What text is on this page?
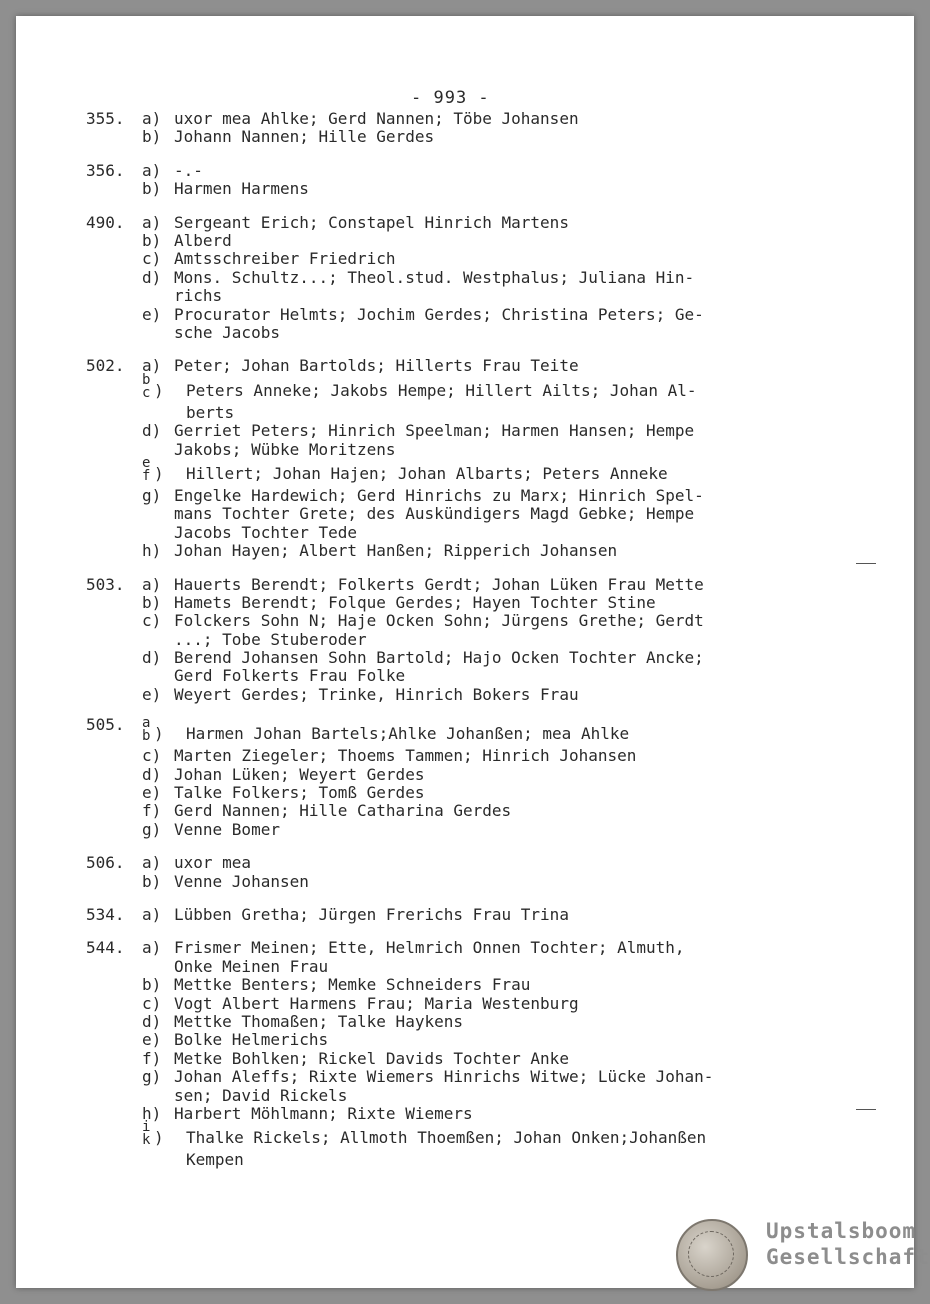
- 993 -
355. a) uxor mea Ahlke; Gerd Nannen; Töbe Johansen
b) Johann Nannen; Hille Gerdes
356. a) -.-
b) Harmen Harmens
490. a) Sergeant Erich; Constapel Hinrich Martens
b) Alberd
c) Amtsschreiber Friedrich
d) Mons. Schultz...; Theol.stud. Westphalus; Juliana Hin-
richs
e) Procurator Helmts; Jochim Gerdes; Christina Peters; Ge-
sche Jacobs
502. a) Peter; Johan Bartolds; Hillerts Frau Teite
b
c ) Peters Anneke; Jakobs Hempe; Hillert Ailts; Johan Al-
berts
d) Gerriet Peters; Hinrich Speelman; Harmen Hansen; Hempe
Jakobs; Wübke Moritzens
e
f ) Hillert; Johan Hajen; Johan Albarts; Peters Anneke
g) Engelke Hardewich; Gerd Hinrichs zu Marx; Hinrich Spel-
mans Tochter Grete; des Auskündigers Magd Gebke; Hempe
Jacobs Tochter Tede
h) Johan Hayen; Albert Hanßen; Ripperich Johansen
503. a) Hauerts Berendt; Folkerts Gerdt; Johan Lüken Frau Mette
b) Hamets Berendt; Folque Gerdes; Hayen Tochter Stine
c) Folckers Sohn N; Haje Ocken Sohn; Jürgens Grethe; Gerdt
...; Tobe Stuberoder
d) Berend Johansen Sohn Bartold; Hajo Ocken Tochter Ancke;
Gerd Folkerts Frau Folke
e) Weyert Gerdes; Trinke, Hinrich Bokers Frau
505. a
b ) Harmen Johan Bartels;Ahlke Johanßen; mea Ahlke
c) Marten Ziegeler; Thoems Tammen; Hinrich Johansen
d) Johan Lüken; Weyert Gerdes
e) Talke Folkers; Tomß Gerdes
f) Gerd Nannen; Hille Catharina Gerdes
g) Venne Bomer
506. a) uxor mea
b) Venne Johansen
534. a) Lübben Gretha; Jürgen Frerichs Frau Trina
544. a) Frismer Meinen; Ette, Helmrich Onnen Tochter; Almuth,
Onke Meinen Frau
b) Mettke Benters; Memke Schneiders Frau
c) Vogt Albert Harmens Frau; Maria Westenburg
d) Mettke Thomaßen; Talke Haykens
e) Bolke Helmerichs
f) Metke Bohlken; Rickel Davids Tochter Anke
g) Johan Aleffs; Rixte Wiemers Hinrichs Witwe; Lücke Johan-
sen; David Rickels
h) Harbert Möhlmann; Rixte Wiemers
i
k ) Thalke Rickels; Allmoth Thoemßen; Johan Onken;Johanßen
Kempen
Upstalsboom
Gesellschaft
